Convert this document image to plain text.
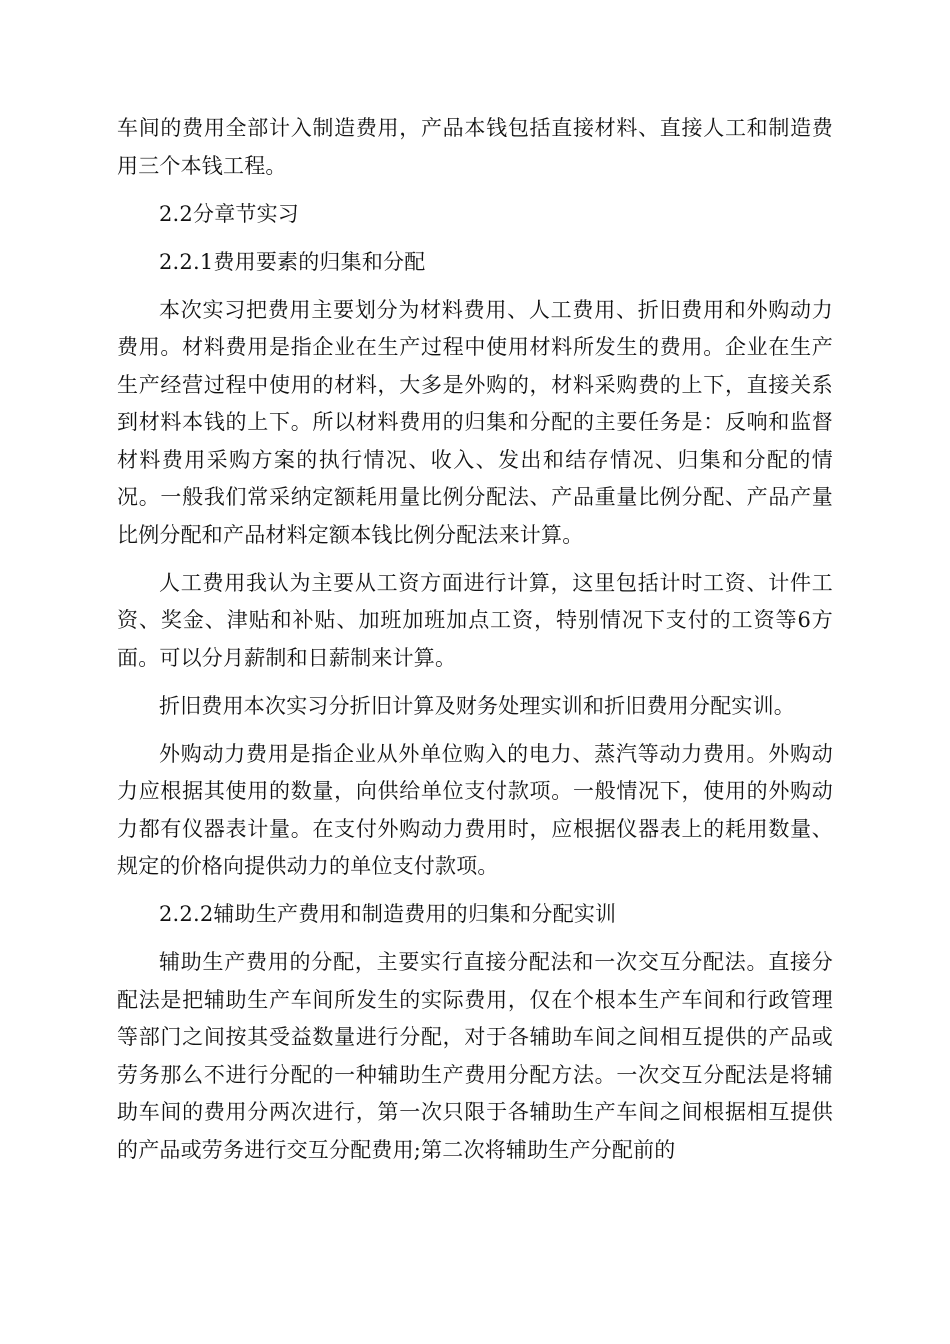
车间的费用全部计入制造费用，产品本钱包括直接材料、直接人工和制造费用三个本钱工程。

2.2分章节实习

2.2.1费用要素的归集和分配

本次实习把费用主要划分为材料费用、人工费用、折旧费用和外购动力费用。材料费用是指企业在生产过程中使用材料所发生的费用。企业在生产生产经营过程中使用的材料，大多是外购的，材料采购费的上下，直接关系到材料本钱的上下。所以材料费用的归集和分配的主要任务是：反响和监督材料费用采购方案的执行情况、收入、发出和结存情况、归集和分配的情况。一般我们常采纳定额耗用量比例分配法、产品重量比例分配、产品产量比例分配和产品材料定额本钱比例分配法来计算。

人工费用我认为主要从工资方面进行计算，这里包括计时工资、计件工资、奖金、津贴和补贴、加班加班加点工资，特别情况下支付的工资等6方面。可以分月薪制和日薪制来计算。

折旧费用本次实习分折旧计算及财务处理实训和折旧费用分配实训。

外购动力费用是指企业从外单位购入的电力、蒸汽等动力费用。外购动力应根据其使用的数量，向供给单位支付款项。一般情况下，使用的外购动力都有仪器表计量。在支付外购动力费用时，应根据仪器表上的耗用数量、规定的价格向提供动力的单位支付款项。

2.2.2辅助生产费用和制造费用的归集和分配实训

辅助生产费用的分配，主要实行直接分配法和一次交互分配法。直接分配法是把辅助生产车间所发生的实际费用，仅在个根本生产车间和行政管理等部门之间按其受益数量进行分配，对于各辅助车间之间相互提供的产品或劳务那么不进行分配的一种辅助生产费用分配方法。一次交互分配法是将辅助车间的费用分两次进行，第一次只限于各辅助生产车间之间根据相互提供的产品或劳务进行交互分配费用;第二次将辅助生产分配前的
